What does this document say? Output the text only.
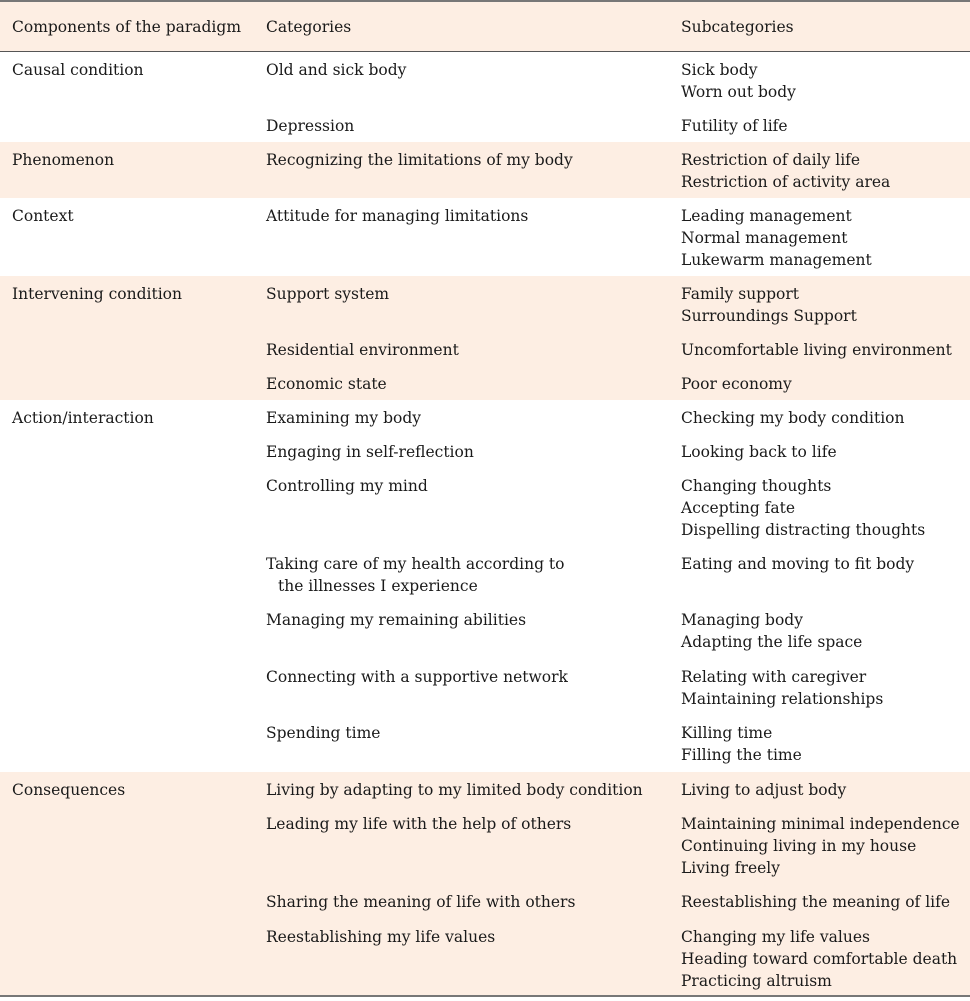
Components of the paradigm	Categories	Subcategories
Causal condition	Old and sick body	Sick body
Worn out body

	Depression	Futility of life

Phenomenon	Recognizing the limitations of my body	Restriction of daily life
Restriction of activity area

Context	Attitude for managing limitations	Leading management
Normal management
Lukewarm management

Intervening condition	Support system	Family support
Surroundings Support

	Residential environment	Uncomfortable living environment

	Economic state	Poor economy

Action/interaction	Examining my body	Checking my body condition

	Engaging in self-reflection	Looking back to life

	Controlling my mind	Changing thoughts
Accepting fate
Dispelling distracting thoughts

	Taking care of my health according to
the illnesses I experience	Eating and moving to fit body

	Managing my remaining abilities	Managing body
Adapting the life space

	Connecting with a supportive network	Relating with caregiver
Maintaining relationships

	Spending time	Killing time
Filling the time

Consequences	Living by adapting to my limited body condition	Living to adjust body

	Leading my life with the help of others	Maintaining minimal independence
Continuing living in my house
Living freely

	Sharing the meaning of life with others	Reestablishing the meaning of life

	Reestablishing my life values	Changing my life values
Heading toward comfortable death
Practicing altruism
